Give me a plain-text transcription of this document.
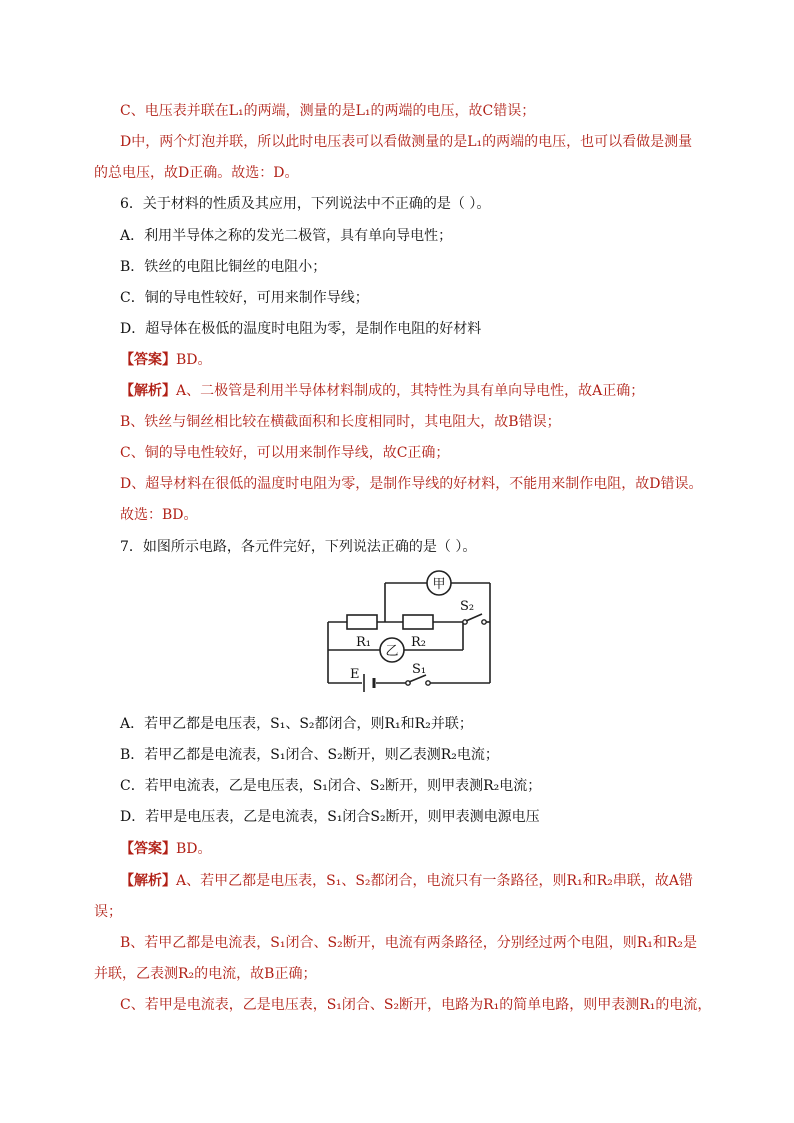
C、电压表并联在L₁的两端，测量的是L₁的两端的电压，故C错误；
D中，两个灯泡并联，所以此时电压表可以看做测量的是L₁的两端的电压，也可以看做是测量
的总电压，故D正确。故选：D。
6．关于材料的性质及其应用，下列说法中不正确的是（ ）。
A．利用半导体之称的发光二极管，具有单向导电性；
B．铁丝的电阻比铜丝的电阻小；
C．铜的导电性较好，可用来制作导线；
D．超导体在极低的温度时电阻为零，是制作电阻的好材料
【答案】BD。
【解析】A、二极管是利用半导体材料制成的，其特性为具有单向导电性，故A正确；
B、铁丝与铜丝相比较在横截面积和长度相同时，其电阻大，故B错误；
C、铜的导电性较好，可以用来制作导线，故C正确；
D、超导材料在很低的温度时电阻为零，是制作导线的好材料，不能用来制作电阻，故D错误。
故选：BD。
7．如图所示电路，各元件完好，下列说法正确的是（ ）。
甲
乙
R₁	R₂
S₂
S₁
E
A．若甲乙都是电压表，S₁、S₂都闭合，则R₁和R₂并联；
B．若甲乙都是电流表，S₁闭合、S₂断开，则乙表测R₂电流；
C．若甲电流表，乙是电压表，S₁闭合、S₂断开，则甲表测R₂电流；
D．若甲是电压表，乙是电流表，S₁闭合S₂断开，则甲表测电源电压
【答案】BD。
【解析】A、若甲乙都是电压表，S₁、S₂都闭合，电流只有一条路径，则R₁和R₂串联，故A错
误；
B、若甲乙都是电流表，S₁闭合、S₂断开，电流有两条路径，分别经过两个电阻，则R₁和R₂是
并联，乙表测R₂的电流，故B正确；
C、若甲是电流表，乙是电压表，S₁闭合、S₂断开，电路为R₁的简单电路，则甲表测R₁的电流，
